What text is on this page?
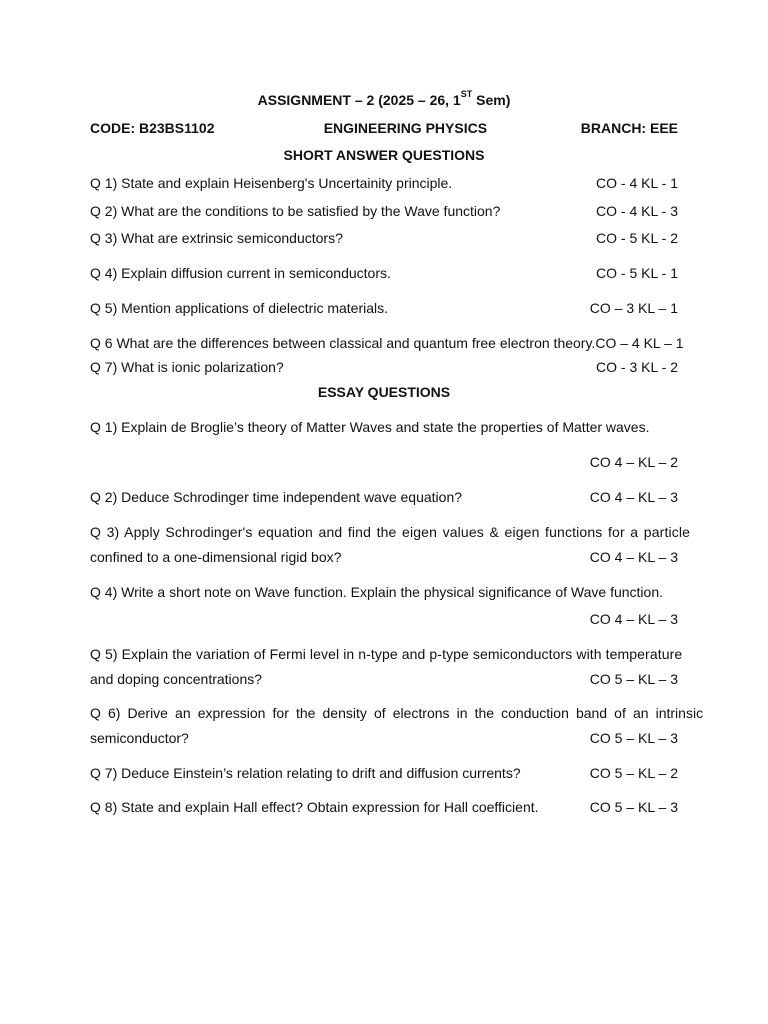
ASSIGNMENT – 2 (2025 – 26, 1ST Sem)
CODE: B23BS1102	ENGINEERING PHYSICS	BRANCH: EEE
SHORT ANSWER QUESTIONS
Q 1) State and explain Heisenberg's Uncertainity principle.	CO - 4 KL - 1
Q 2) What are the conditions to be satisfied by the Wave function?	CO - 4 KL - 3
Q 3) What are extrinsic semiconductors?	CO - 5 KL - 2
Q 4) Explain diffusion current in semiconductors.	CO - 5 KL - 1
Q 5) Mention applications of dielectric materials.	CO – 3 KL – 1
Q 6 What are the differences between classical and quantum free electron theory. CO – 4 KL – 1
Q 7) What is ionic polarization?	CO - 3 KL - 2
ESSAY QUESTIONS
Q 1) Explain de Broglie’s theory of Matter Waves and state the properties of Matter waves.
CO 4 – KL – 2
Q 2) Deduce Schrodinger time independent wave equation?	CO 4 – KL – 3
Q 3) Apply Schrodinger's equation and find the eigen values & eigen functions for a particle
confined to a one-dimensional rigid box?	CO 4 – KL – 3
Q 4) Write a short note on Wave function. Explain the physical significance of Wave function.
CO 4 – KL – 3
Q 5) Explain the variation of Fermi level in n-type and p-type semiconductors with temperature
and doping concentrations?	CO 5 – KL – 3
Q 6) Derive an expression for the density of electrons in the conduction band of an intrinsic
semiconductor?	CO 5 – KL – 3
Q 7) Deduce Einstein’s relation relating to drift and diffusion currents?	CO 5 – KL – 2
Q 8) State and explain Hall effect? Obtain expression for Hall coefficient.	CO 5 – KL – 3
